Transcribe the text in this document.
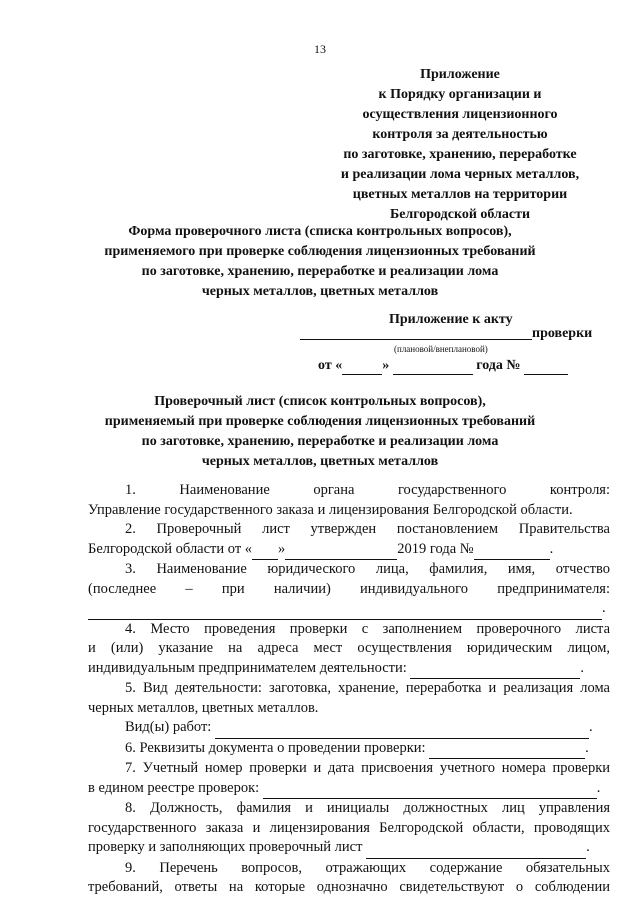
13
Приложение
к Порядку организации и
осуществления лицензионного
контроля за деятельностью
по заготовке, хранению, переработке
и реализации лома черных металлов,
цветных металлов на территории
Белгородской области
Форма проверочного листа (списка контрольных вопросов),
применяемого при проверке соблюдения лицензионных требований
по заготовке, хранению, переработке и реализации лома
черных металлов, цветных металлов
Приложение к акту
проверки
(плановой/внеплановой)
от «	»	года №
Проверочный лист (список контрольных вопросов),
применяемый при проверке соблюдения лицензионных требований
по заготовке, хранению, переработке и реализации лома
черных металлов, цветных металлов
1. Наименование органа государственного контроля:
Управление государственного заказа и лицензирования Белгородской области.
2. Проверочный лист утвержден постановлением Правительства
Белгородской области от « »	2019 года №	.
3. Наименование юридического лица, фамилия, имя, отчество
(последнее – при наличии) индивидуального предпринимателя:
.
4. Место проведения проверки с заполнением проверочного листа
и (или) указание на адреса мест осуществления юридическим лицом,
индивидуальным предпринимателем деятельности:	.
5. Вид деятельности: заготовка, хранение, переработка и реализация лома
черных металлов, цветных металлов.
Вид(ы) работ:	.
6. Реквизиты документа о проведении проверки:	.
7. Учетный номер проверки и дата присвоения учетного номера проверки
в едином реестре проверок:	.
8. Должность, фамилия и инициалы должностных лиц управления
государственного заказа и лицензирования Белгородской области, проводящих
проверку и заполняющих проверочный лист	.
9. Перечень вопросов, отражающих содержание обязательных
требований, ответы на которые однозначно свидетельствуют о соблюдении
